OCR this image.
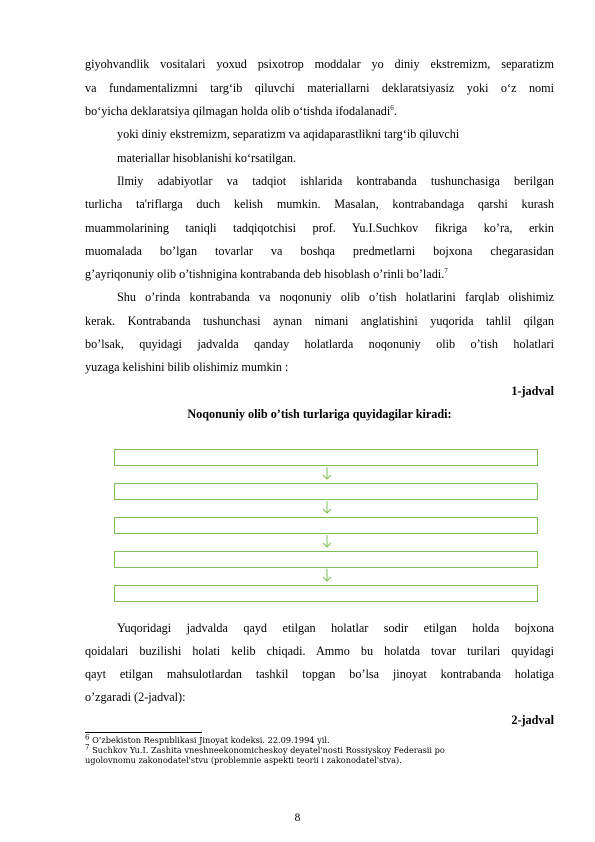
giyohvandlik vositalari yoxud psixotrop moddalar yo diniy ekstremizm, separatizm
va fundamentalizmni targ‘ib qiluvchi materiallarni deklaratsiyasiz yoki o‘z nomi
bo‘yicha deklaratsiya qilmagan holda olib o‘tishda ifodalanadi$^6$.
yoki diniy ekstremizm, separatizm va aqidaparastlikni targ‘ib qiluvchi
materiallar hisoblanishi ko‘rsatilgan.
Ilmiy adabiyotlar va tadqiot ishlarida kontrabanda tushunchasiga berilgan
turlicha ta'riflarga duch kelish mumkin. Masalan, kontrabandaga qarshi kurash
muammolarining taniqli tadqiqotchisi prof. Yu.I.Suchkov fikriga ko’ra, erkin
muomalada bo’lgan tovarlar va boshqa predmetlarni bojxona chegarasidan
g’ayriqonuniy olib o’tishnigina kontrabanda deb hisoblash o’rinli bo’ladi.$^7$
Shu o’rinda kontrabanda va noqonuniy olib o’tish holatlarini farqlab olishimiz
kerak. Kontrabanda tushunchasi aynan nimani anglatishini yuqorida tahlil qilgan
bo’lsak, quyidagi jadvalda qanday holatlarda noqonuniy olib o’tish holatlari
yuzaga kelishini bilib olishimiz mumkin :
1-jadval
Noqonuniy olib o’tish turlariga quyidagilar kiradi:
Yuqoridagi jadvalda qayd etilgan holatlar sodir etilgan holda bojxona
qoidalari buzilishi holati kelib chiqadi. Ammo bu holatda tovar turilari quyidagi
qayt etilgan mahsulotlardan tashkil topgan bo’lsa jinoyat kontrabanda holatiga
o’zgaradi (2-jadval):
2-jadval
$^6$ O‘zbekiston Respublikasi Jinoyat kodeksi. 22.09.1994 yil.
$^7$ Suchkov Yu.I. Zashita vneshneekonomicheskoy deyatel'nosti Rossiyskoy Federasii po
ugolovnomu zakonodatel'stvu (problemnie aspekti teorii i zakonodatel'stva).
8
